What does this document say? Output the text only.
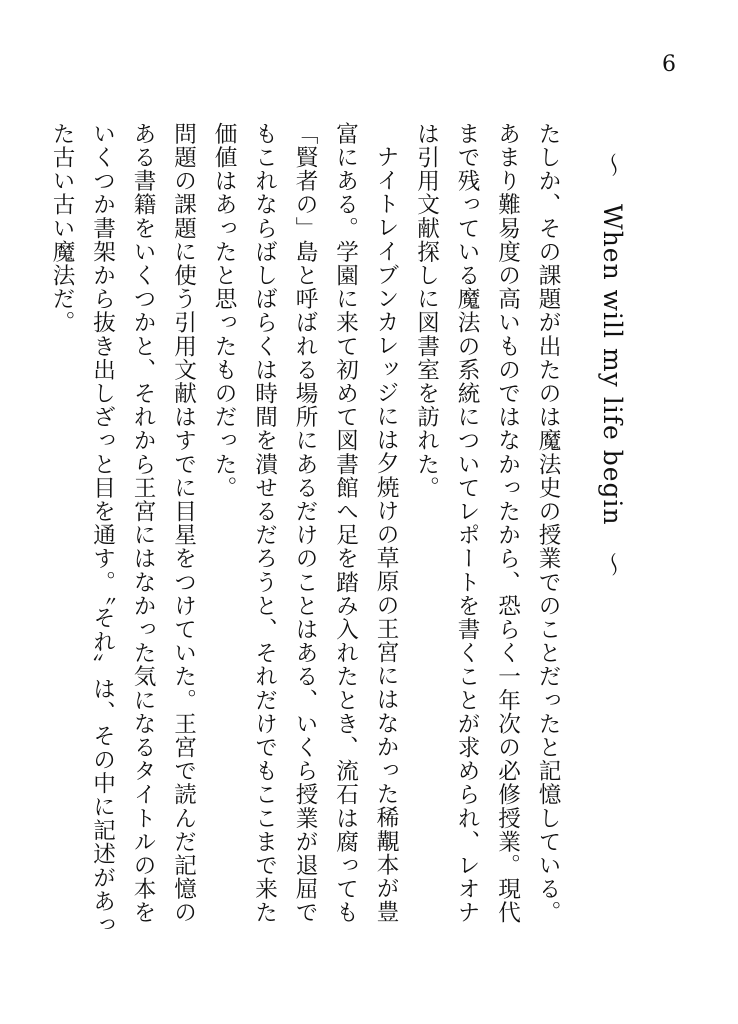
6
〜　When will my life begin　〜

たしか、その課題が出たのは魔法史の授業でのことだったと記憶している。あまり難易度の高いものではなかったから、恐らく一年次の必修授業。現代まで残っている魔法の系統についてレポートを書くことが求められ、レオナは引用文献探しに図書室を訪れた。

ナイトレイブンカレッジには夕焼けの草原の王宮にはなかった稀覯本が豊富にある。学園に来て初めて図書館へ足を踏み入れたとき、流石は腐っても「賢者の」島と呼ばれる場所にあるだけのことはある、いくら授業が退屈でもこれならばしばらくは時間を潰せるだろうと、それだけでもここまで来た価値はあったと思ったものだった。

問題の課題に使う引用文献はすでに目星をつけていた。王宮で読んだ記憶のある書籍をいくつかと、それから王宮にはなかった気になるタイトルの本をいくつか書架から抜き出しざっと目を通す。〝それ〟は、その中に記述があった古い古い魔法だ。
